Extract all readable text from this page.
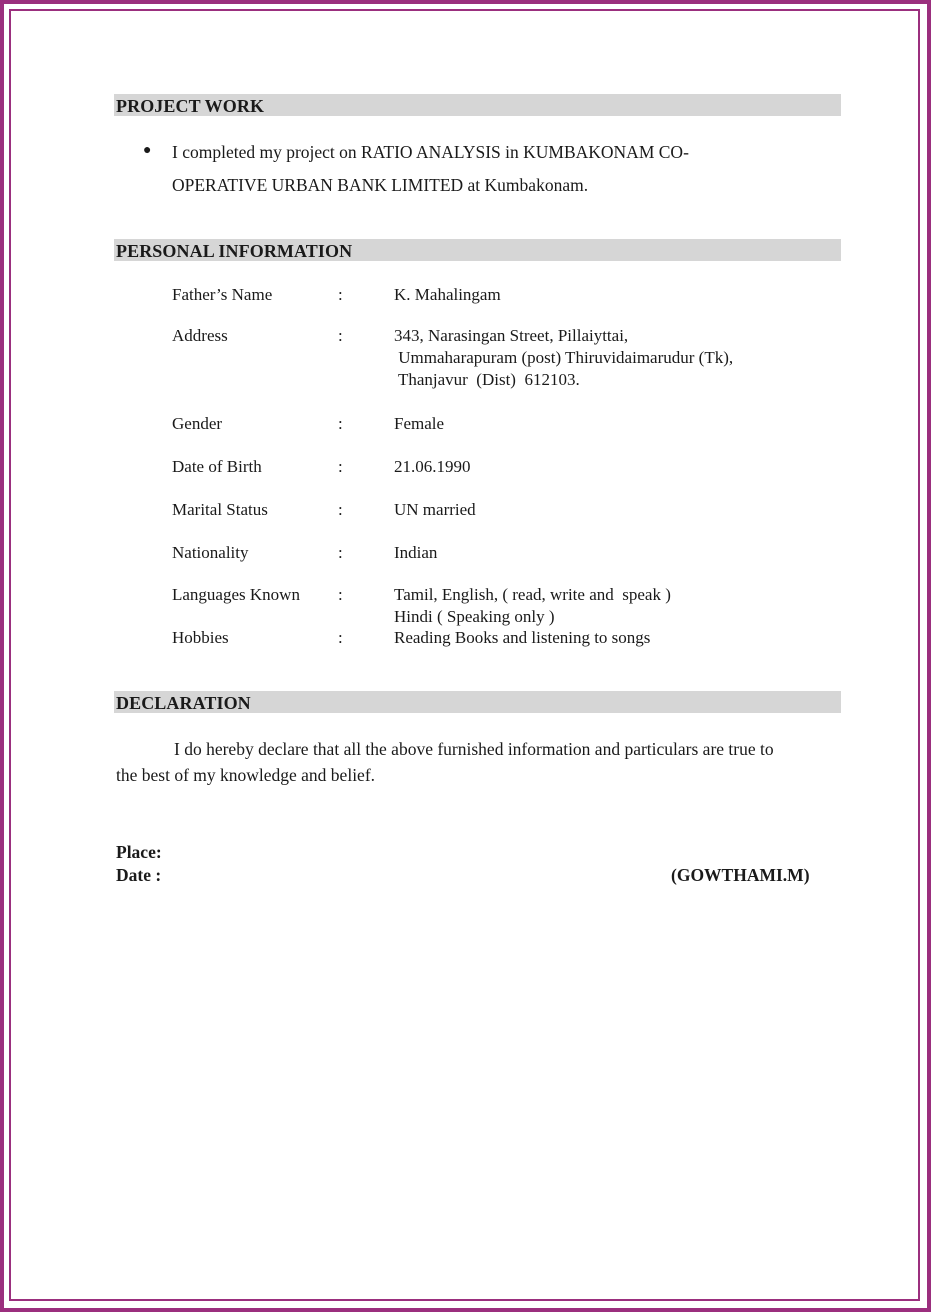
PROJECT WORK
● I completed my project on RATIO ANALYSIS in KUMBAKONAM CO-
OPERATIVE URBAN BANK LIMITED at Kumbakonam.
PERSONAL INFORMATION
Father’s Name	:	K. Mahalingam
Address	:	343, Narasingan Street, Pillaiyttai,
Ummaharapuram (post) Thiruvidaimarudur (Tk),
Thanjavur  (Dist)  612103.
Gender	:	Female
Date of Birth	:	21.06.1990
Marital Status	:	UN married
Nationality	:	Indian
Languages Known :	Tamil, English, ( read, write and  speak )
Hindi ( Speaking only )
Hobbies	:	Reading Books and listening to songs
DECLARATION
I do hereby declare that all the above furnished information and particulars are true to
the best of my knowledge and belief.
Place:
Date :	(GOWTHAMI.M)
